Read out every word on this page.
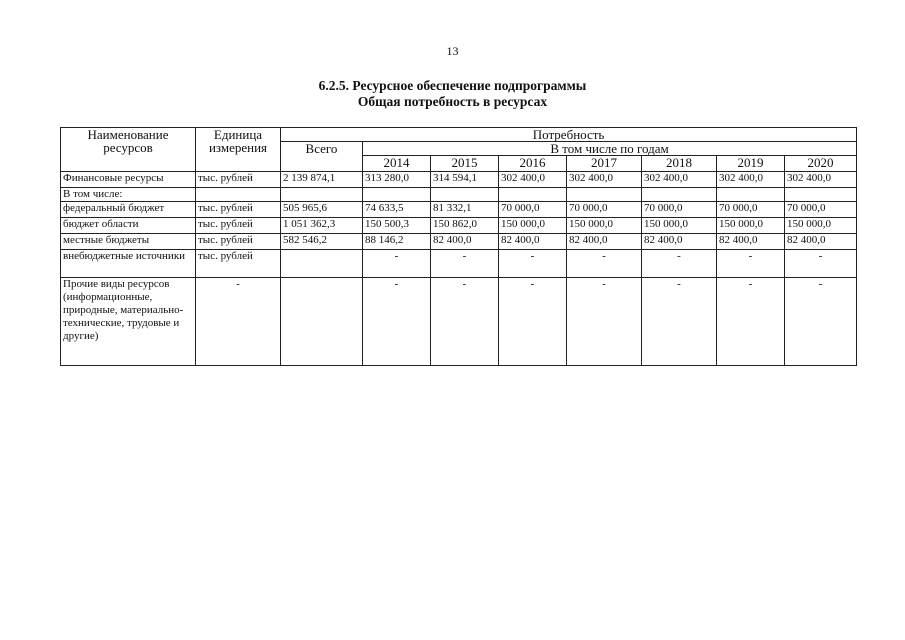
13
6.2.5. Ресурсное обеспечение подпрограммы
Общая потребность в ресурсах
Наименование ресурсов	Единица измерения	Потребность							
		Всего	В том числе по годам						
			2014	2015	2016	2017	2018	2019	2020
Финансовые ресурсы	тыс. рублей	2 139 874,1	313 280,0	314 594,1	302 400,0	302 400,0	302 400,0	302 400,0	302 400,0
В том числе:									
федеральный бюджет	тыс. рублей	505 965,6	74 633,5	81 332,1	70 000,0	70 000,0	70 000,0	70 000,0	70 000,0
бюджет области	тыс. рублей	1 051 362,3	150 500,3	150 862,0	150 000,0	150 000,0	150 000,0	150 000,0	150 000,0
местные бюджеты	тыс. рублей	582 546,2	88 146,2	82 400,0	82 400,0	82 400,0	82 400,0	82 400,0	82 400,0
внебюджетные источники	тыс. рублей		-	-	-	-	-	-	-
Прочие виды ресурсов (информационные, природные, материально-технические, трудовые и другие)	-		-	-	-	-	-	-	-
